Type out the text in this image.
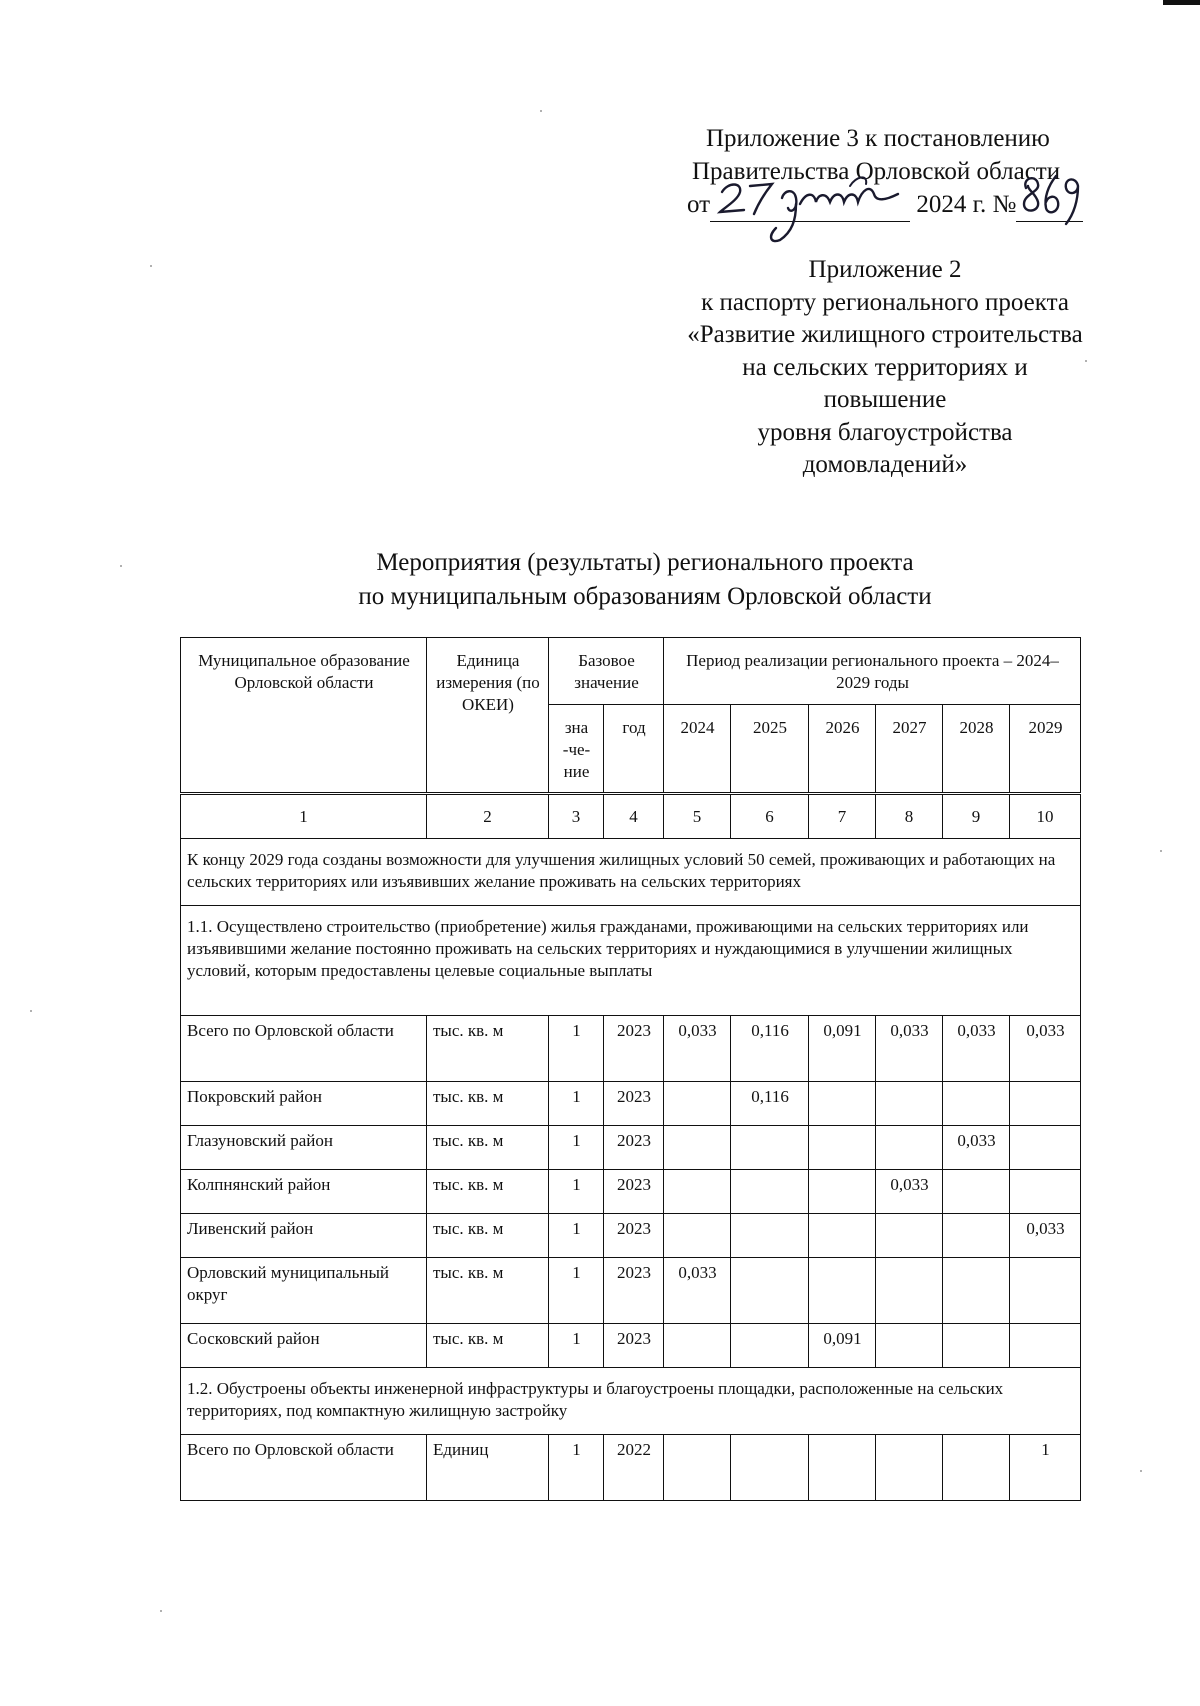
Приложение 3 к постановлению
Правительства Орловской области
от	2024 г. №
Приложение 2
к паспорту регионального проекта
«Развитие жилищного строительства
на сельских территориях и
повышение
уровня благоустройства
домовладений»
Мероприятия (результаты) регионального проекта
по муниципальным образованиям Орловской области
Муниципальное образование Орловской области	Единица измерения (по ОКЕИ)	Базовое значение		Период реализации регионального проекта – 2024–2029 годы					
		зна-че-ние	год	2024	2025	2026	2027	2028	2029
1	2	3	4	5	6	7	8	9	10
К концу 2029 года созданы возможности для улучшения жилищных условий 50 семей, проживающих и работающих на сельских территориях или изъявивших желание проживать на сельских территориях									
1.1. Осуществлено строительство (приобретение) жилья гражданами, проживающими на сельских территориях или изъявившими желание постоянно проживать на сельских территориях и нуждающимися в улучшении жилищных условий, которым предоставлены целевые социальные выплаты									
Всего по Орловской области	тыс. кв. м	1	2023	0,033	0,116	0,091	0,033	0,033	0,033
Покровский район	тыс. кв. м	1	2023		0,116				
Глазуновский район	тыс. кв. м	1	2023					0,033	
Колпнянский район	тыс. кв. м	1	2023				0,033		
Ливенский район	тыс. кв. м	1	2023						0,033
Орловский муниципальный округ	тыс. кв. м	1	2023	0,033					
Сосковский район	тыс. кв. м	1	2023			0,091			
1.2. Обустроены объекты инженерной инфраструктуры и благоустроены площадки, расположенные на сельских территориях, под компактную жилищную застройку									
Всего по Орловской области	Единиц	1	2022						1
